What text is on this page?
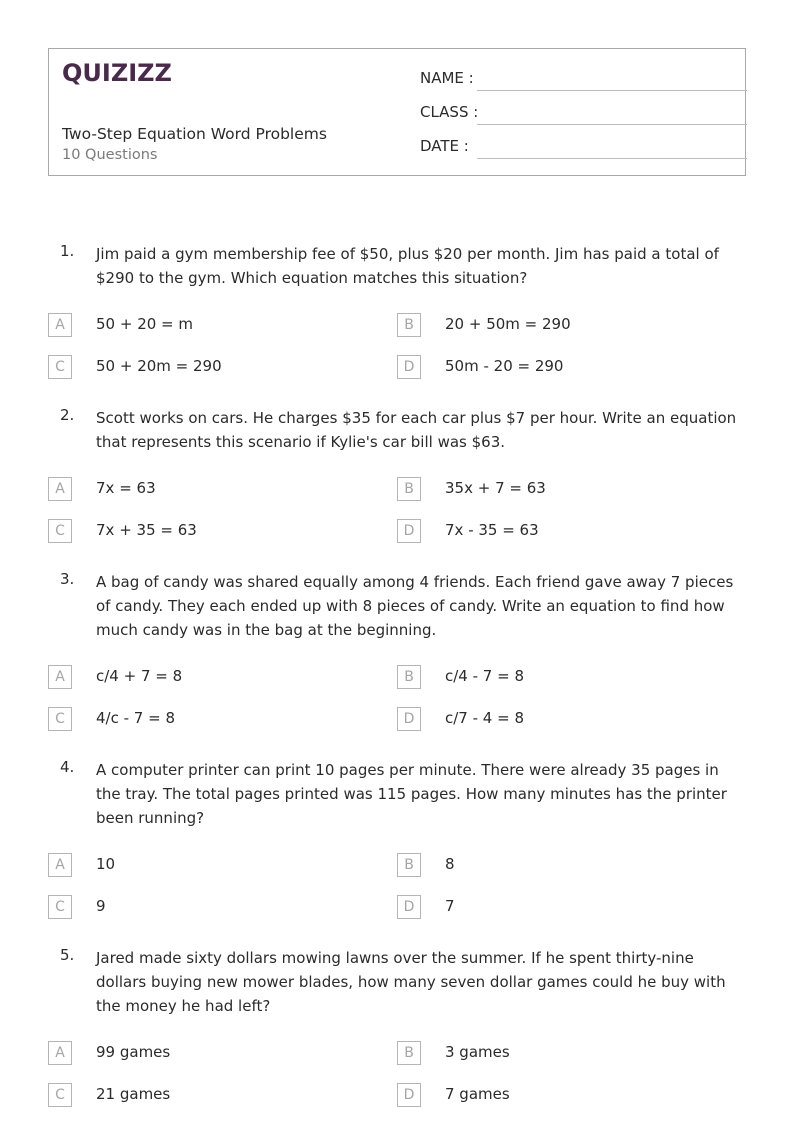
QUIZIZZ
Two-Step Equation Word Problems
10 Questions
NAME :
CLASS :
DATE :
1. Jim paid a gym membership fee of $50, plus $20 per month. Jim has paid a total of $290 to the gym. Which equation matches this situation?
A	50 + 20 = m	B	20 + 50m = 290
C	50 + 20m = 290	D	50m - 20 = 290
2. Scott works on cars. He charges $35 for each car plus $7 per hour. Write an equation that represents this scenario if Kylie's car bill was $63.
A	7x = 63	B	35x + 7 = 63
C	7x + 35 = 63	D	7x - 35 = 63
3. A bag of candy was shared equally among 4 friends. Each friend gave away 7 pieces of candy. They each ended up with 8 pieces of candy. Write an equation to find how much candy was in the bag at the beginning.
A	c/4 + 7 = 8	B	c/4 - 7 = 8
C	4/c - 7 = 8	D	c/7 - 4 = 8
4. A computer printer can print 10 pages per minute. There were already 35 pages in the tray. The total pages printed was 115 pages. How many minutes has the printer been running?
A	10	B	8
C	9	D	7
5. Jared made sixty dollars mowing lawns over the summer. If he spent thirty-nine dollars buying new mower blades, how many seven dollar games could he buy with the money he had left?
A	99 games	B	3 games
C	21 games	D	7 games
